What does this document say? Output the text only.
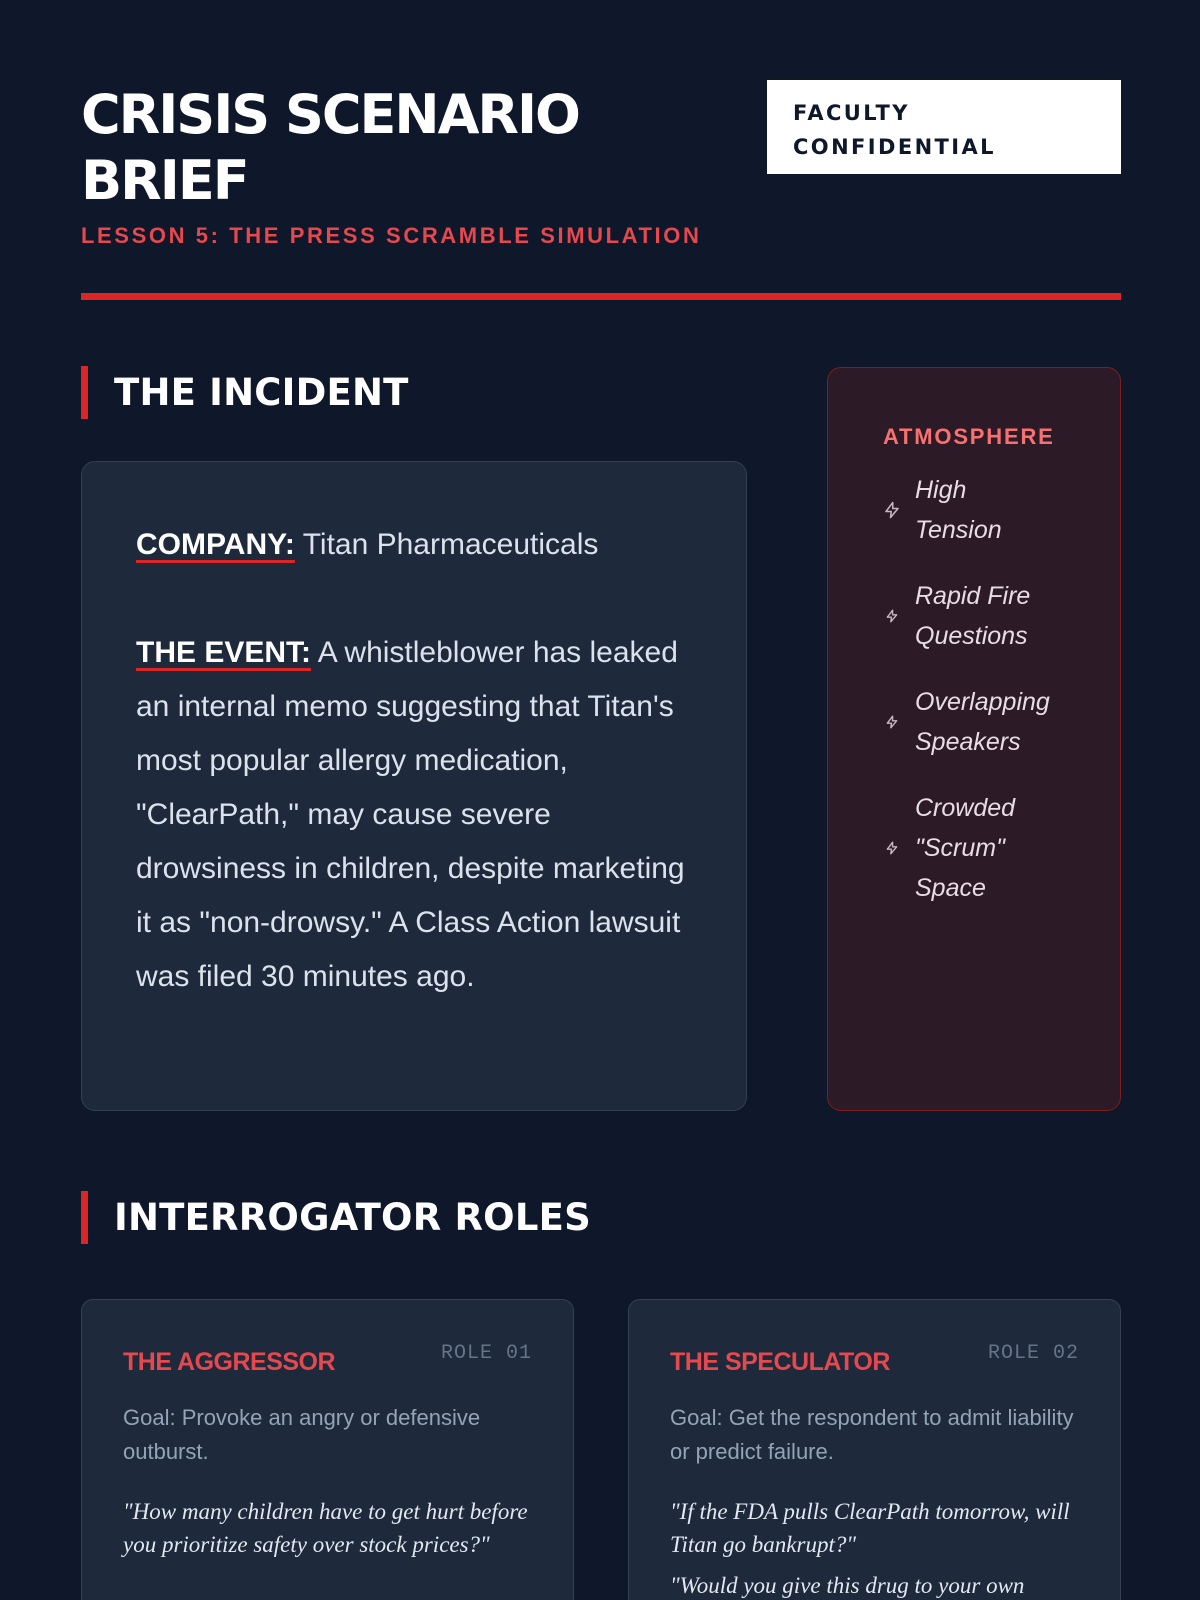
CRISIS SCENARIO BRIEF
LESSON 5: THE PRESS SCRAMBLE SIMULATION
FACULTY CONFIDENTIAL
THE INCIDENT
COMPANY: Titan Pharmaceuticals
THE EVENT: A whistleblower has leaked an internal memo suggesting that Titan's most popular allergy medication, "ClearPath," may cause severe drowsiness in children, despite marketing it as "non-drowsy." A Class Action lawsuit was filed 30 minutes ago.
ATMOSPHERE
High Tension
Rapid Fire Questions
Overlapping Speakers
Crowded "Scrum" Space
INTERROGATOR ROLES
THE AGGRESSOR	ROLE 01
Goal: Provoke an angry or defensive outburst.
"How many children have to get hurt before you prioritize safety over stock prices?"
THE SPECULATOR	ROLE 02
Goal: Get the respondent to admit liability or predict failure.
"If the FDA pulls ClearPath tomorrow, will Titan go bankrupt?"
"Would you give this drug to your own
